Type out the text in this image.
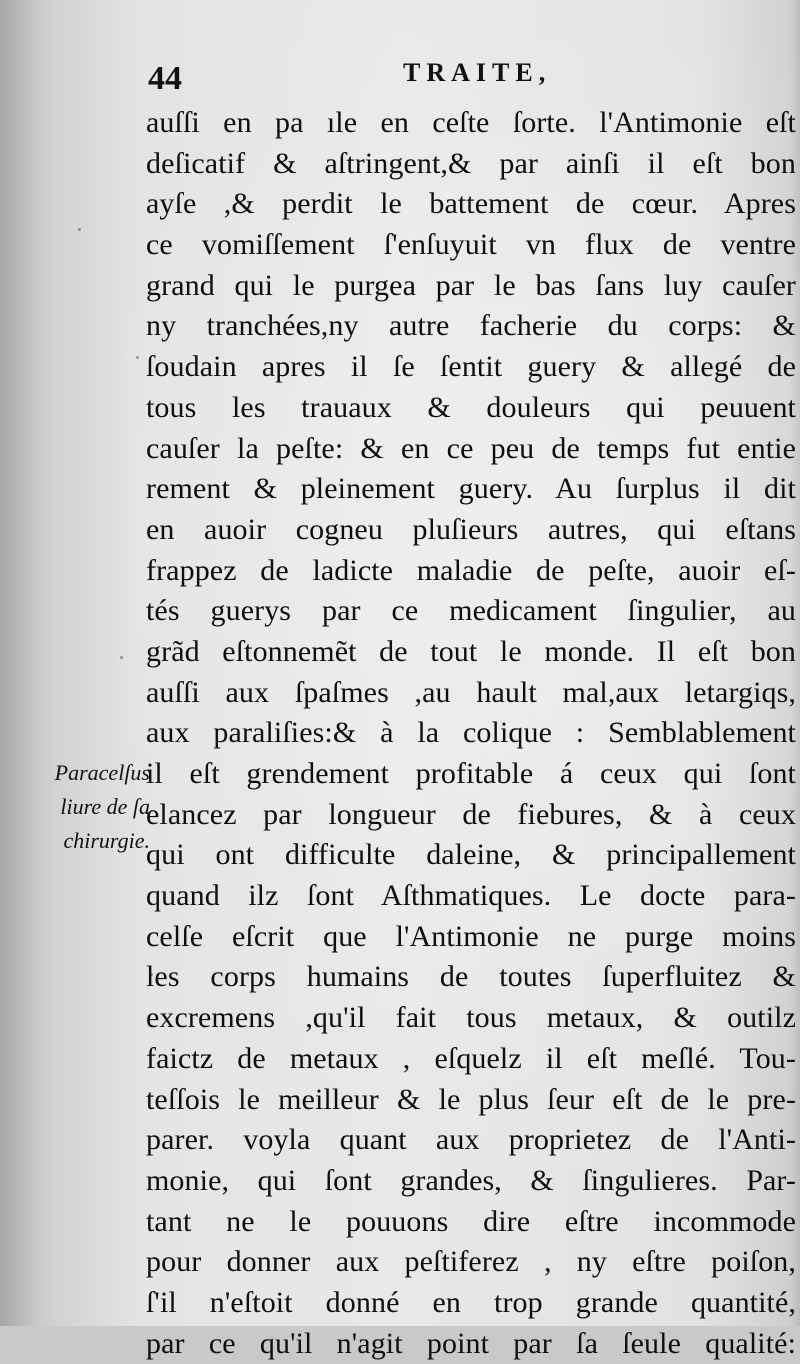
44	TRAITE,
auſſi en pa ıle en ceſte ſorte. l'Antimonie eſt
deſicatif & aſtringent,& par ainſi il eſt bon
ayſe ,& perdit le battement de cœur. Apres
ce vomiſſement ſ'enſuyuit vn flux de ventre
grand qui le purgea par le bas ſans luy cauſer
ny tranchées,ny autre facherie du corps: &
ſoudain apres il ſe ſentit guery & allegé de
tous les trauaux & douleurs qui peuuent
cauſer la peſte: & en ce peu de temps fut entie
rement & pleinement guery. Au ſurplus il dit
en auoir cogneu pluſieurs autres, qui eſtans
frappez de ladicte maladie de peſte, auoir eſ-
tés guerys par ce medicament ſingulier, au
grãd eſtonnemẽt de tout le monde. Il eſt bon
auſſi aux ſpaſmes ,au hault mal,aux letargiqs,
aux paraliſies:& à la colique : Semblablement
il eſt grendement profitable á ceux qui ſont
elancez par longueur de fiebures, & à ceux
qui ont difficulte daleine, & principallement
quand ilz ſont Aſthmatiques. Le docte para-
celſe eſcrit que l'Antimonie ne purge moins
les corps humains de toutes ſuperfluitez &
excremens ,qu'il fait tous metaux, & outilz
faictz de metaux , eſquelz il eſt meſlé. Tou-
teſſois le meilleur & le plus ſeur eſt de le pre-
parer. voyla quant aux proprietez de l'Anti-
monie, qui ſont grandes, & ſingulieres. Par-
tant ne le pouuons dire eſtre incommode
pour donner aux peſtiferez , ny eſtre poiſon,
ſ'il n'eſtoit donné en trop grande quantité,
par ce qu'il n'agit point par ſa ſeule qualité:
Paracelſus
liure de ſa
chirurgie.
